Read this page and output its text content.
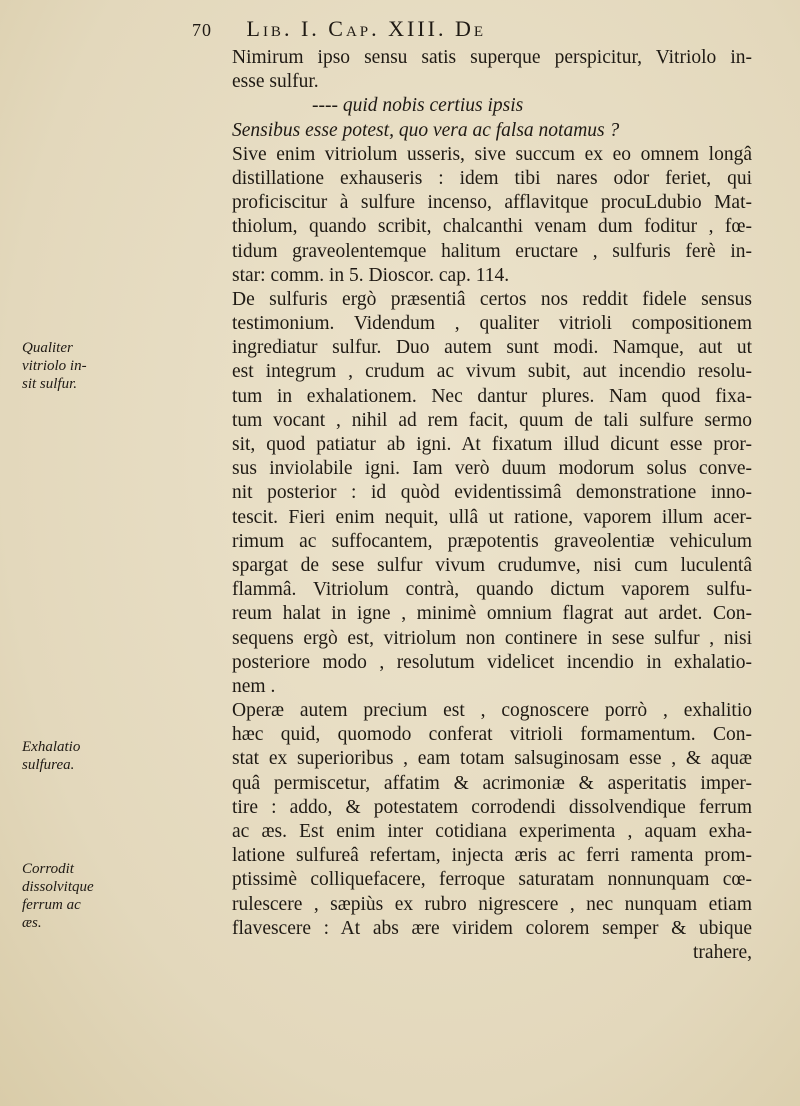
70 Lib. I. Cap. XIII. De
Qualiter
vitriolo in-
sit sulfur.
Exhalatio
sulfurea.
Corrodit
dissolvitque
ferrum ac
æs.
Nimirum ipso sensu satis superque perspicitur, Vitriolo in-
esse sulfur.
---- quid nobis certius ipsis
Sensibus esse potest, quo vera ac falsa notamus ?
Sive enim vitriolum usseris, sive succum ex eo omnem longâ
distillatione exhauseris : idem tibi nares odor feriet, qui
proficiscitur à sulfure incenso, afflavitque procuLdubio Mat-
thiolum, quando scribit, chalcanthi venam dum foditur , fœ-
tidum graveolentemque halitum eructare , sulfuris ferè in-
star: comm. in 5. Dioscor. cap. 114.
De sulfuris ergò præsentiâ certos nos reddit fidele sensus
testimonium. Videndum , qualiter vitrioli compositionem
ingrediatur sulfur. Duo autem sunt modi. Namque, aut ut
est integrum , crudum ac vivum subit, aut incendio resolu-
tum in exhalationem. Nec dantur plures. Nam quod fixa-
tum vocant , nihil ad rem facit, quum de tali sulfure sermo
sit, quod patiatur ab igni. At fixatum illud dicunt esse pror-
sus inviolabile igni. Iam verò duum modorum solus conve-
nit posterior : id quòd evidentissimâ demonstratione inno-
tescit. Fieri enim nequit, ullâ ut ratione, vaporem illum acer-
rimum ac suffocantem, præpotentis graveolentiæ vehiculum
spargat de sese sulfur vivum crudumve, nisi cum luculentâ
flammâ. Vitriolum contrà, quando dictum vaporem sulfu-
reum halat in igne , minimè omnium flagrat aut ardet. Con-
sequens ergò est, vitriolum non continere in sese sulfur , nisi
posteriore modo , resolutum videlicet incendio in exhalatio-
nem .
Operæ autem precium est , cognoscere porrò , exhalitio
hæc quid, quomodo conferat vitrioli formamentum. Con-
stat ex superioribus , eam totam salsuginosam esse , & aquæ
quâ permiscetur, affatim & acrimoniæ & asperitatis imper-
tire : addo, & potestatem corrodendi dissolvendique ferrum
ac æs. Est enim inter cotidiana experimenta , aquam exha-
latione sulfureâ refertam, injecta æris ac ferri ramenta prom-
ptissimè colliquefacere, ferroque saturatam nonnunquam cœ-
rulescere , sæpiùs ex rubro nigrescere , nec nunquam etiam
flavescere : At abs ære viridem colorem semper & ubique
trahere,
